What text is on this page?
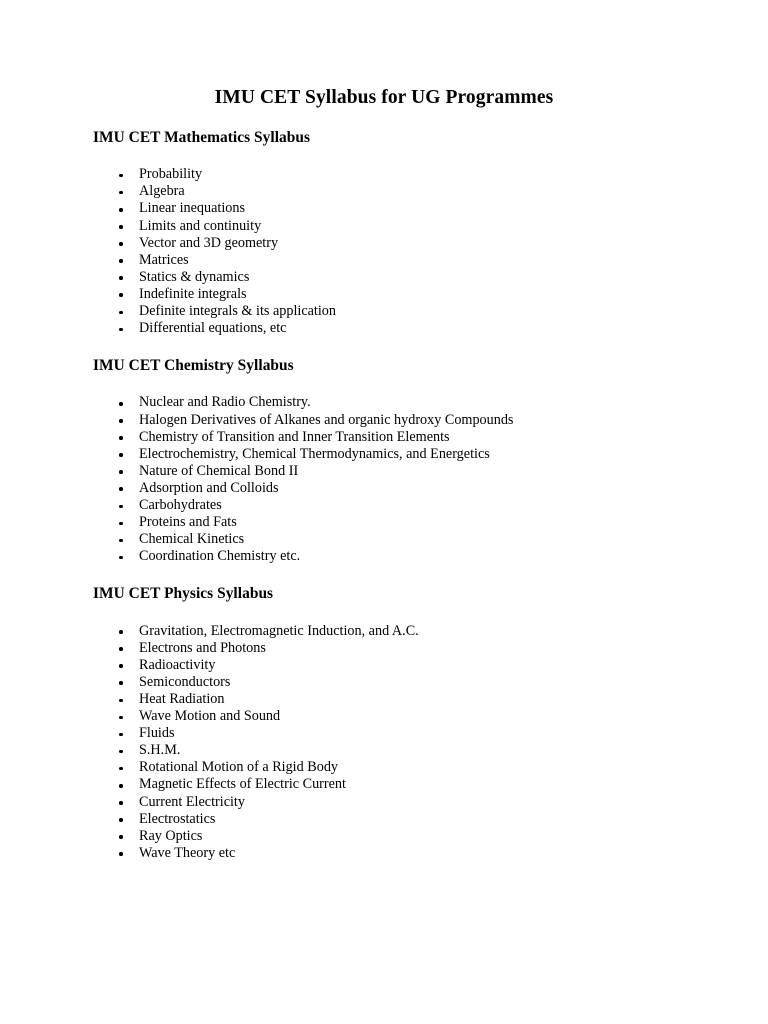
IMU CET Syllabus for UG Programmes
IMU CET Mathematics Syllabus
Probability
Algebra
Linear inequations
Limits and continuity
Vector and 3D geometry
Matrices
Statics & dynamics
Indefinite integrals
Definite integrals & its application
Differential equations, etc
IMU CET Chemistry Syllabus
Nuclear and Radio Chemistry.
Halogen Derivatives of Alkanes and organic hydroxy Compounds
Chemistry of Transition and Inner Transition Elements
Electrochemistry, Chemical Thermodynamics, and Energetics
Nature of Chemical Bond II
Adsorption and Colloids
Carbohydrates
Proteins and Fats
Chemical Kinetics
Coordination Chemistry etc.
IMU CET Physics Syllabus
Gravitation, Electromagnetic Induction, and A.C.
Electrons and Photons
Radioactivity
Semiconductors
Heat Radiation
Wave Motion and Sound
Fluids
S.H.M.
Rotational Motion of a Rigid Body
Magnetic Effects of Electric Current
Current Electricity
Electrostatics
Ray Optics
Wave Theory etc
